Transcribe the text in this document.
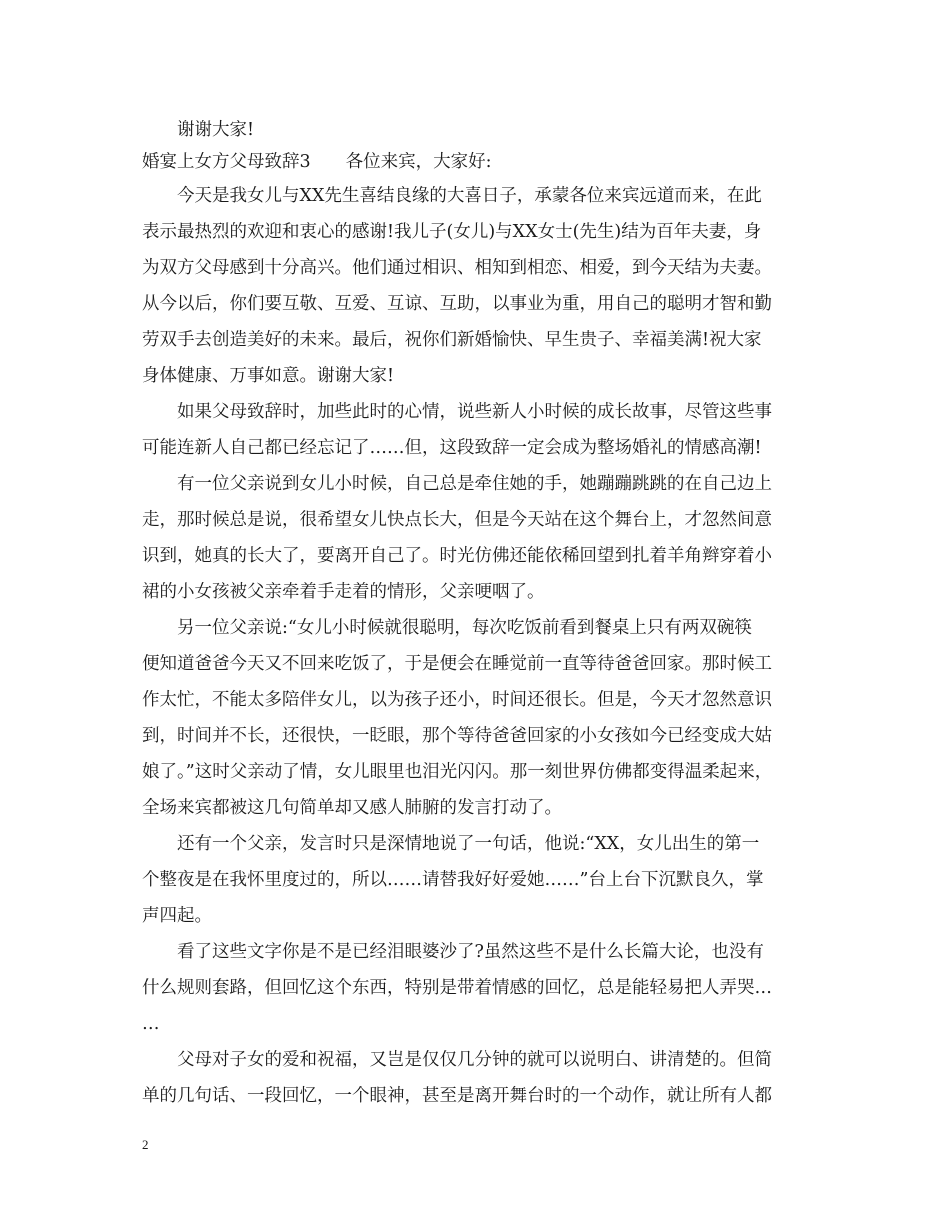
谢谢大家!
婚宴上女方父母致辞3　　各位来宾，大家好:
今天是我女儿与XX先生喜结良缘的大喜日子，承蒙各位来宾远道而来，在此
表示最热烈的欢迎和衷心的感谢!我儿子(女儿)与XX女士(先生)结为百年夫妻，身
为双方父母感到十分高兴。他们通过相识、相知到相恋、相爱，到今天结为夫妻。
从今以后，你们要互敬、互爱、互谅、互助，以事业为重，用自己的聪明才智和勤
劳双手去创造美好的未来。最后，祝你们新婚愉快、早生贵子、幸福美满!祝大家
身体健康、万事如意。谢谢大家!
如果父母致辞时，加些此时的心情，说些新人小时候的成长故事，尽管这些事
可能连新人自己都已经忘记了……但，这段致辞一定会成为整场婚礼的情感高潮!
有一位父亲说到女儿小时候，自己总是牵住她的手，她蹦蹦跳跳的在自己边上
走，那时候总是说，很希望女儿快点长大，但是今天站在这个舞台上，才忽然间意
识到，她真的长大了，要离开自己了。时光仿佛还能依稀回望到扎着羊角辫穿着小
裙的小女孩被父亲牵着手走着的情形，父亲哽咽了。
另一位父亲说:“女儿小时候就很聪明，每次吃饭前看到餐桌上只有两双碗筷
便知道爸爸今天又不回来吃饭了，于是便会在睡觉前一直等待爸爸回家。那时候工
作太忙，不能太多陪伴女儿，以为孩子还小，时间还很长。但是，今天才忽然意识
到，时间并不长，还很快，一眨眼，那个等待爸爸回家的小女孩如今已经变成大姑
娘了。”这时父亲动了情，女儿眼里也泪光闪闪。那一刻世界仿佛都变得温柔起来，
全场来宾都被这几句简单却又感人肺腑的发言打动了。
还有一个父亲，发言时只是深情地说了一句话，他说:“XX，女儿出生的第一
个整夜是在我怀里度过的，所以……请替我好好爱她……”台上台下沉默良久，掌
声四起。
看了这些文字你是不是已经泪眼婆沙了?虽然这些不是什么长篇大论，也没有
什么规则套路，但回忆这个东西，特别是带着情感的回忆，总是能轻易把人弄哭…
…
父母对子女的爱和祝福，又岂是仅仅几分钟的就可以说明白、讲清楚的。但简
单的几句话、一段回忆，一个眼神，甚至是离开舞台时的一个动作，就让所有人都
2
